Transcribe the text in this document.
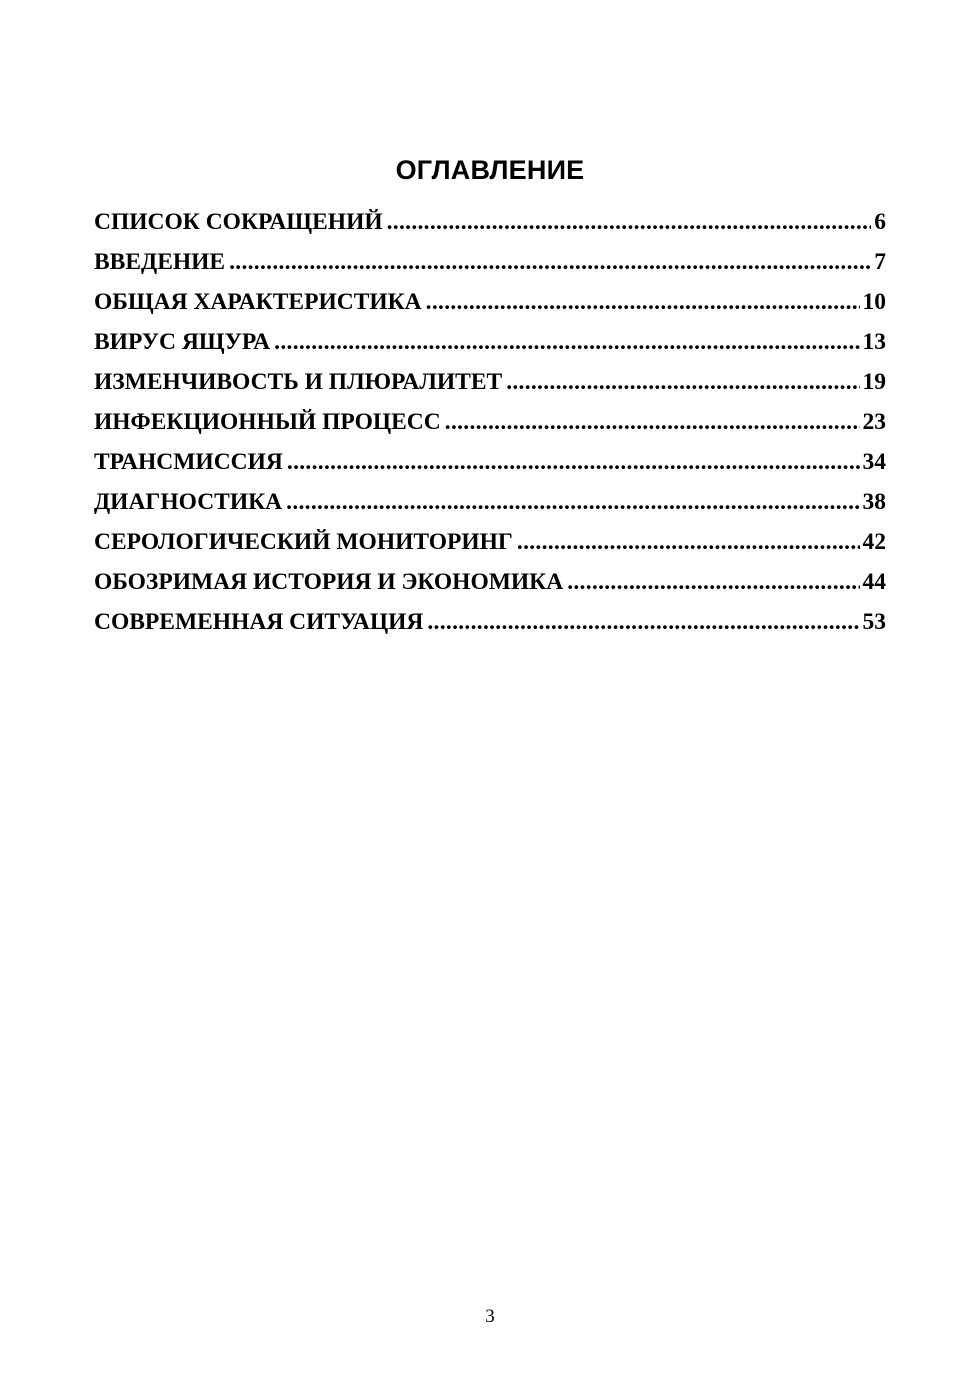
ОГЛАВЛЕНИЕ
СПИСОК СОКРАЩЕНИЙ .....	6
ВВЕДЕНИЕ .....	7
ОБЩАЯ ХАРАКТЕРИСТИКА .....	10
ВИРУС ЯЩУРА .....	13
ИЗМЕНЧИВОСТЬ И ПЛЮРАЛИТЕТ .....	19
ИНФЕКЦИОННЫЙ ПРОЦЕСС .....	23
ТРАНСМИССИЯ .....	34
ДИАГНОСТИКА .....	38
СЕРОЛОГИЧЕСКИЙ МОНИТОРИНГ .....	42
ОБОЗРИМАЯ ИСТОРИЯ И ЭКОНОМИКА .....	44
СОВРЕМЕННАЯ СИТУАЦИЯ .....	53
3
